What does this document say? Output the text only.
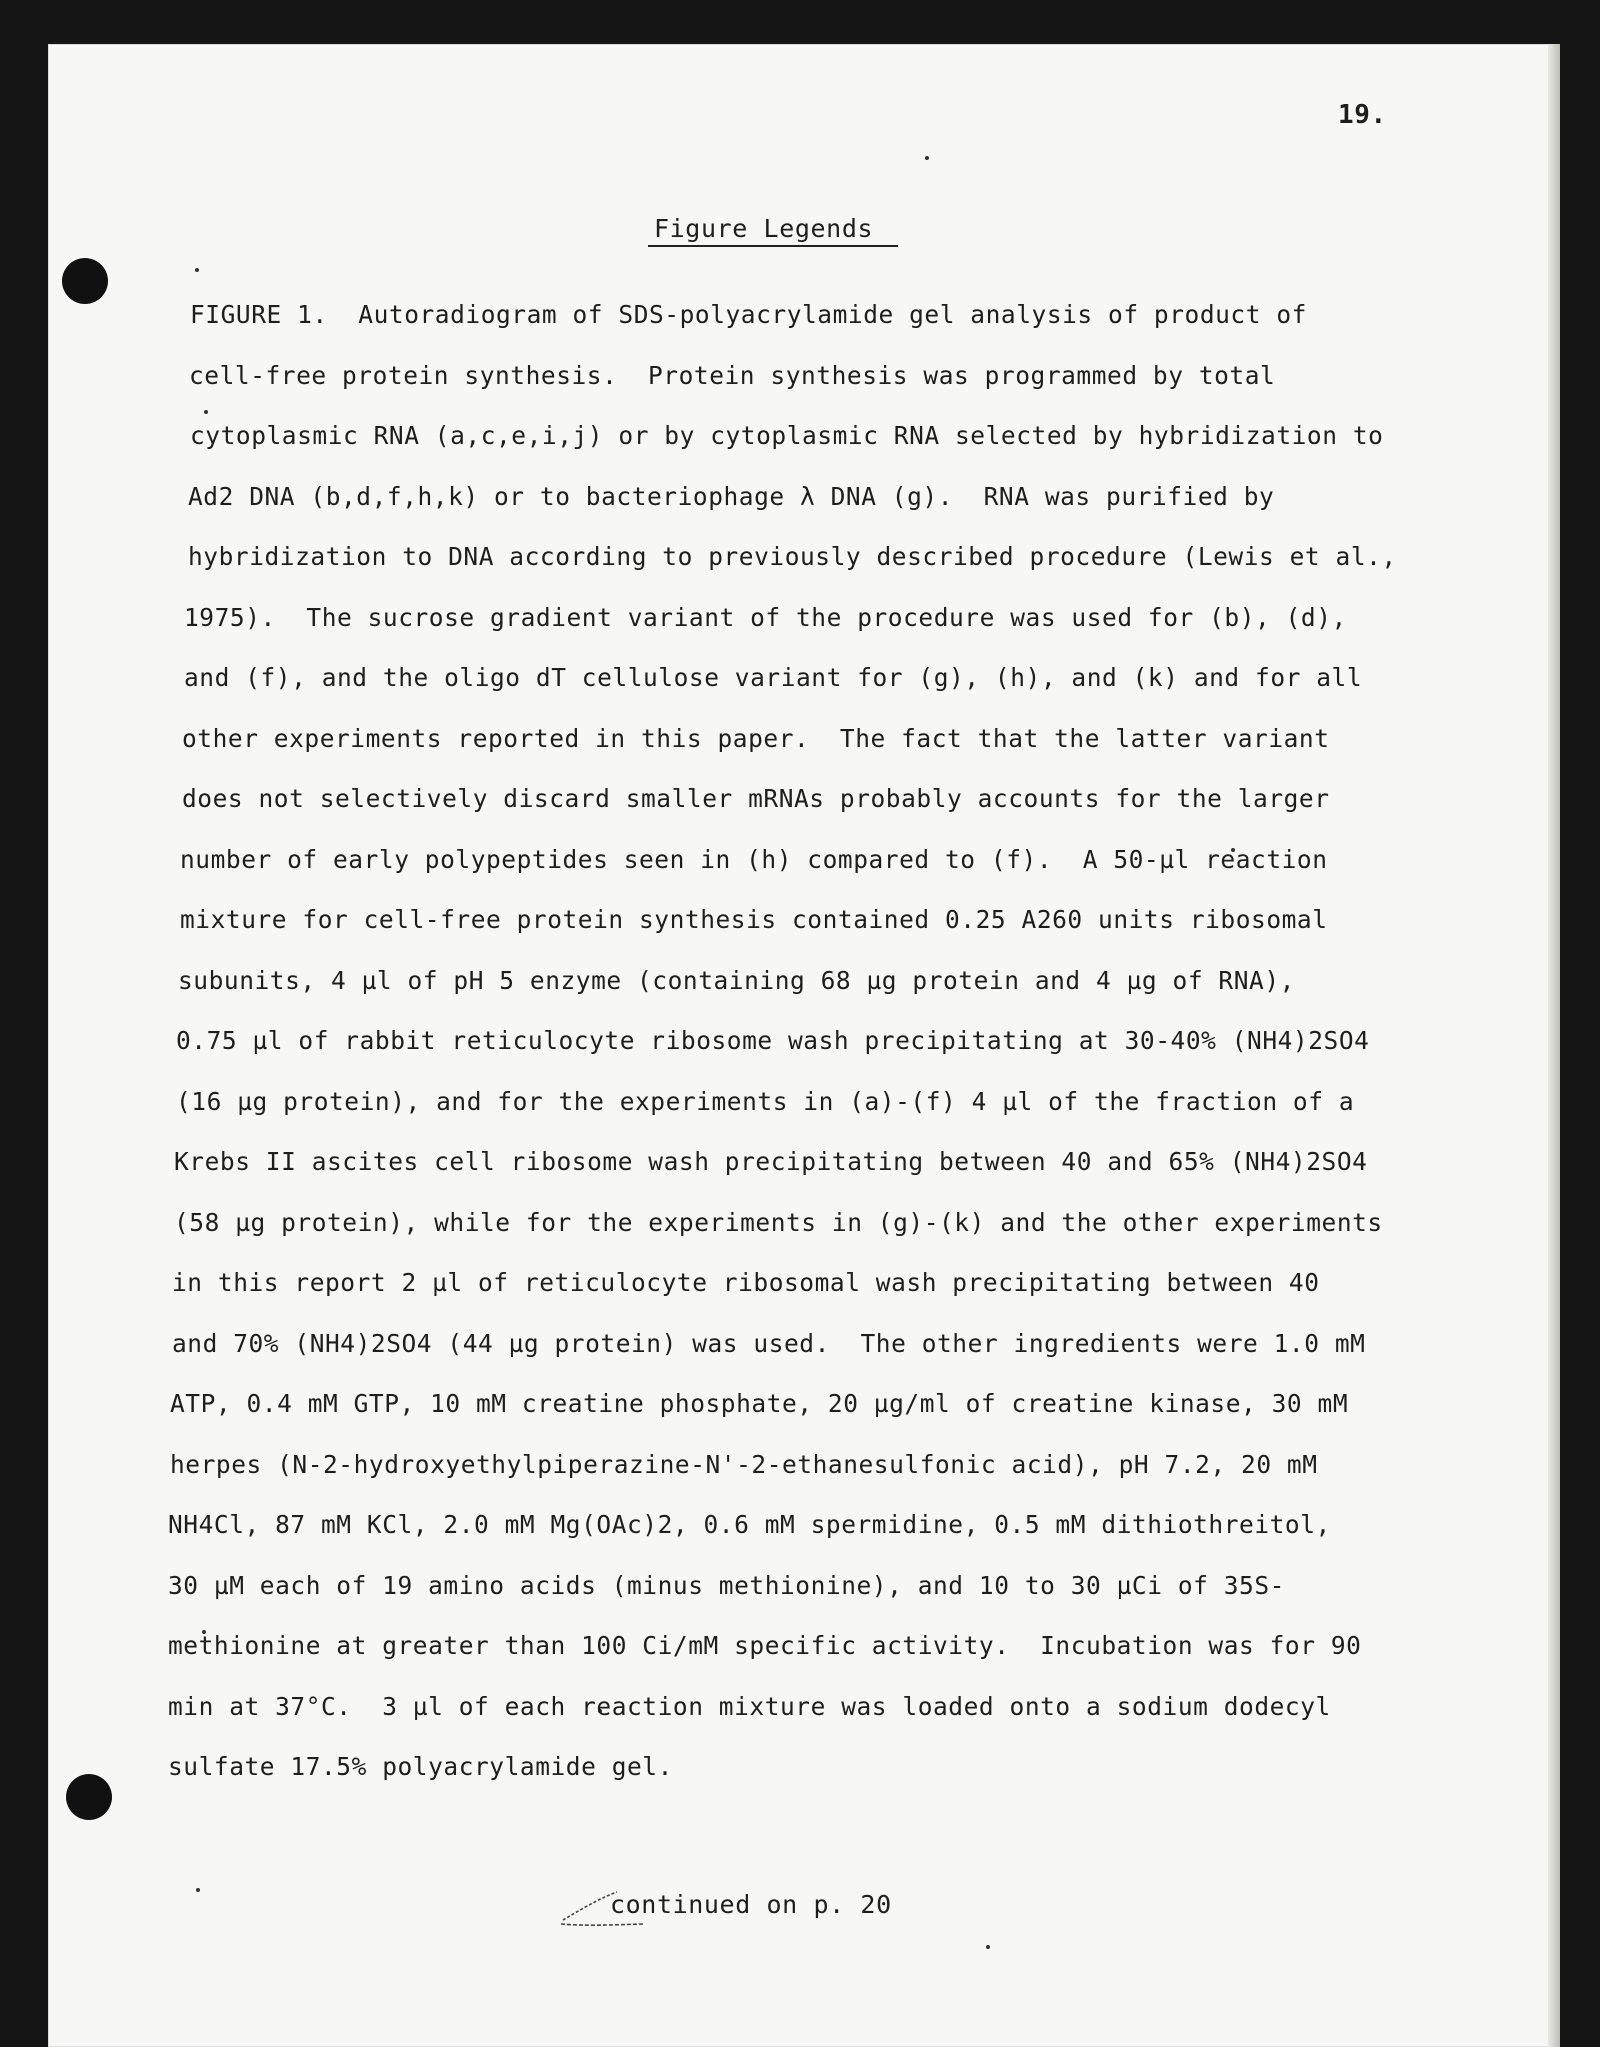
19.
Figure Legends
FIGURE 1.  Autoradiogram of SDS-polyacrylamide gel analysis of product of
cell-free protein synthesis.  Protein synthesis was programmed by total
cytoplasmic RNA (a,c,e,i,j) or by cytoplasmic RNA selected by hybridization to
Ad2 DNA (b,d,f,h,k) or to bacteriophage λ DNA (g).  RNA was purified by
hybridization to DNA according to previously described procedure (Lewis et al.,
1975).  The sucrose gradient variant of the procedure was used for (b), (d),
and (f), and the oligo dT cellulose variant for (g), (h), and (k) and for all
other experiments reported in this paper.  The fact that the latter variant
does not selectively discard smaller mRNAs probably accounts for the larger
number of early polypeptides seen in (h) compared to (f).  A 50-µl reaction
mixture for cell-free protein synthesis contained 0.25 A260 units ribosomal
subunits, 4 µl of pH 5 enzyme (containing 68 µg protein and 4 µg of RNA),
0.75 µl of rabbit reticulocyte ribosome wash precipitating at 30-40% (NH4)2SO4
(16 µg protein), and for the experiments in (a)-(f) 4 µl of the fraction of a
Krebs II ascites cell ribosome wash precipitating between 40 and 65% (NH4)2SO4
(58 µg protein), while for the experiments in (g)-(k) and the other experiments
in this report 2 µl of reticulocyte ribosomal wash precipitating between 40
and 70% (NH4)2SO4 (44 µg protein) was used.  The other ingredients were 1.0 mM
ATP, 0.4 mM GTP, 10 mM creatine phosphate, 20 µg/ml of creatine kinase, 30 mM
herpes (N-2-hydroxyethylpiperazine-N'-2-ethanesulfonic acid), pH 7.2, 20 mM
NH4Cl, 87 mM KCl, 2.0 mM Mg(OAc)2, 0.6 mM spermidine, 0.5 mM dithiothreitol,
30 µM each of 19 amino acids (minus methionine), and 10 to 30 µCi of 35S-
methionine at greater than 100 Ci/mM specific activity.  Incubation was for 90
min at 37°C.  3 µl of each reaction mixture was loaded onto a sodium dodecyl
sulfate 17.5% polyacrylamide gel.
continued on p. 20
